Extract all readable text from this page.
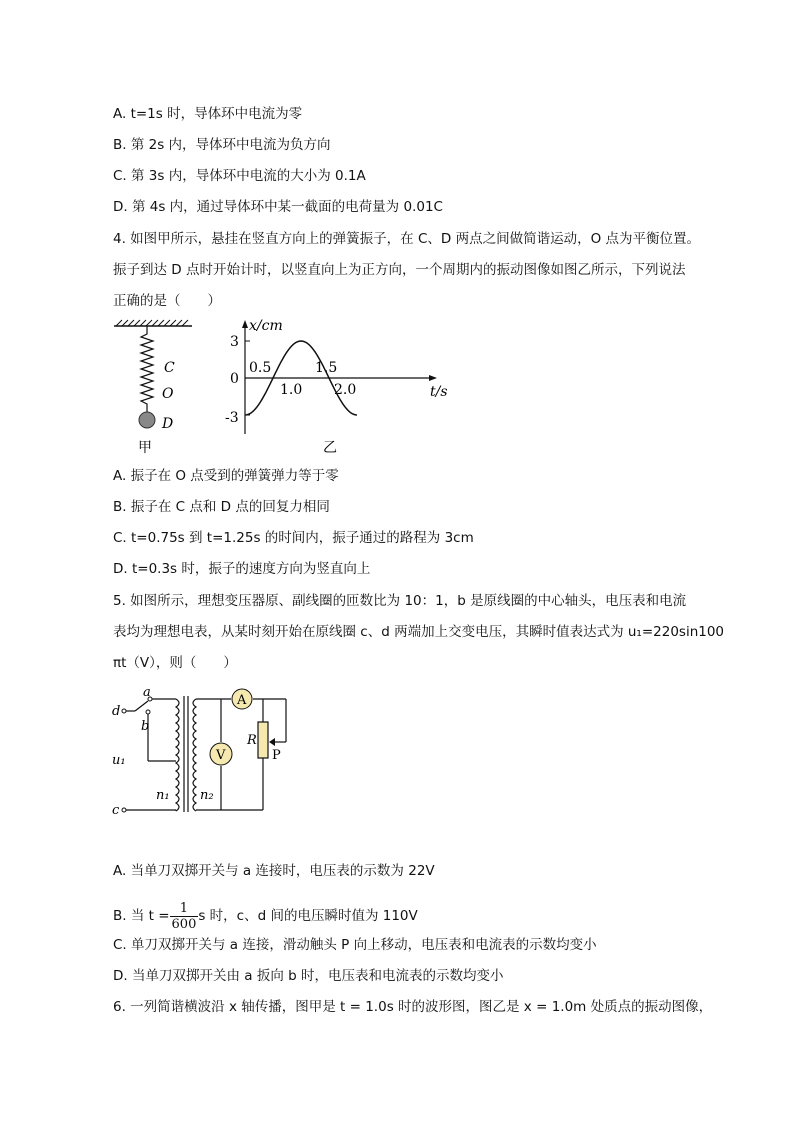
A. t=1s 时，导体环中电流为零
B. 第 2s 内，导体环中电流为负方向
C. 第 3s 内，导体环中电流的大小为 0.1A
D. 第 4s 内，通过导体环中某一截面的电荷量为 0.01C
4. 如图甲所示，悬挂在竖直方向上的弹簧振子，在 C、D 两点之间做简谐运动，O 点为平衡位置。
振子到达 D 点时开始计时，以竖直向上为正方向，一个周期内的振动图像如图乙所示，下列说法
正确的是（　　）
C
O
D
甲
x/cm
t/s
0
3
-3
0.5
1.0
1.5
2.0
乙
A. 振子在 O 点受到的弹簧弹力等于零
B. 振子在 C 点和 D 点的回复力相同
C. t=0.75s 到 t=1.25s 的时间内，振子通过的路程为 3cm
D. t=0.3s 时，振子的速度方向为竖直向上
5. 如图所示，理想变压器原、副线圈的匝数比为 10：1，b 是原线圈的中心轴头，电压表和电流
表均为理想电表，从某时刻开始在原线圈 c、d 两端加上交变电压，其瞬时值表达式为 u₁=220sin100
πt（V），则（　　）
A
V
a
b
d
c
u₁
n₁ n₂
R
P
A. 当单刀双掷开关与 a 连接时，电压表的示数为 22V
B. 当 $t = \frac{1}{600}$ s 时，c、d 间的电压瞬时值为 110V
C. 单刀双掷开关与 a 连接，滑动触头 P 向上移动，电压表和电流表的示数均变小
D. 当单刀双掷开关由 a 扳向 b 时，电压表和电流表的示数均变小
6. 一列简谐横波沿 x 轴传播，图甲是 t = 1.0s 时的波形图，图乙是 x = 1.0m 处质点的振动图像，
